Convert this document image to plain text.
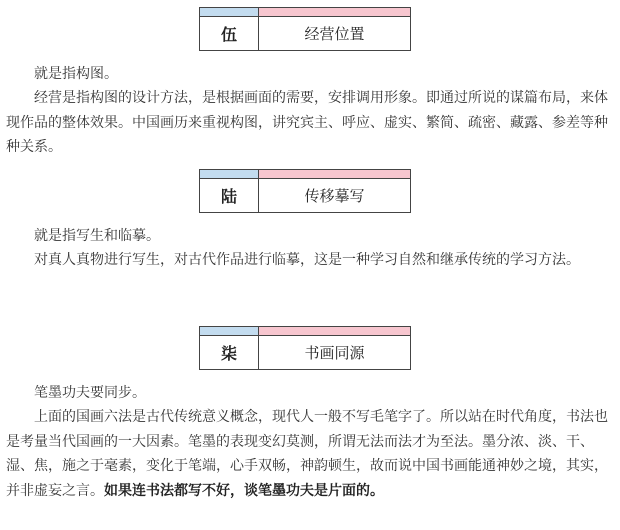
伍	经营位置

就是指构图。

经营是指构图的设计方法，是根据画面的需要，安排调用形象。即通过所说的谋篇布局，来体现作品的整体效果。中国画历来重视构图，讲究宾主、呼应、虚实、繁简、疏密、藏露、参差等种种关系。

陆	传移摹写

就是指写生和临摹。

对真人真物进行写生，对古代作品进行临摹，这是一种学习自然和继承传统的学习方法。

柒	书画同源

笔墨功夫要同步。

上面的国画六法是古代传统意义概念，现代人一般不写毛笔字了。所以站在时代角度，书法也是考量当代国画的一大因素。笔墨的表现变幻莫测，所谓无法而法才为至法。墨分浓、淡、干、湿、焦，施之于毫素，变化于笔端，心手双畅，神韵顿生，故而说中国书画能通神妙之境，其实，并非虚妄之言。如果连书法都写不好，谈笔墨功夫是片面的。
